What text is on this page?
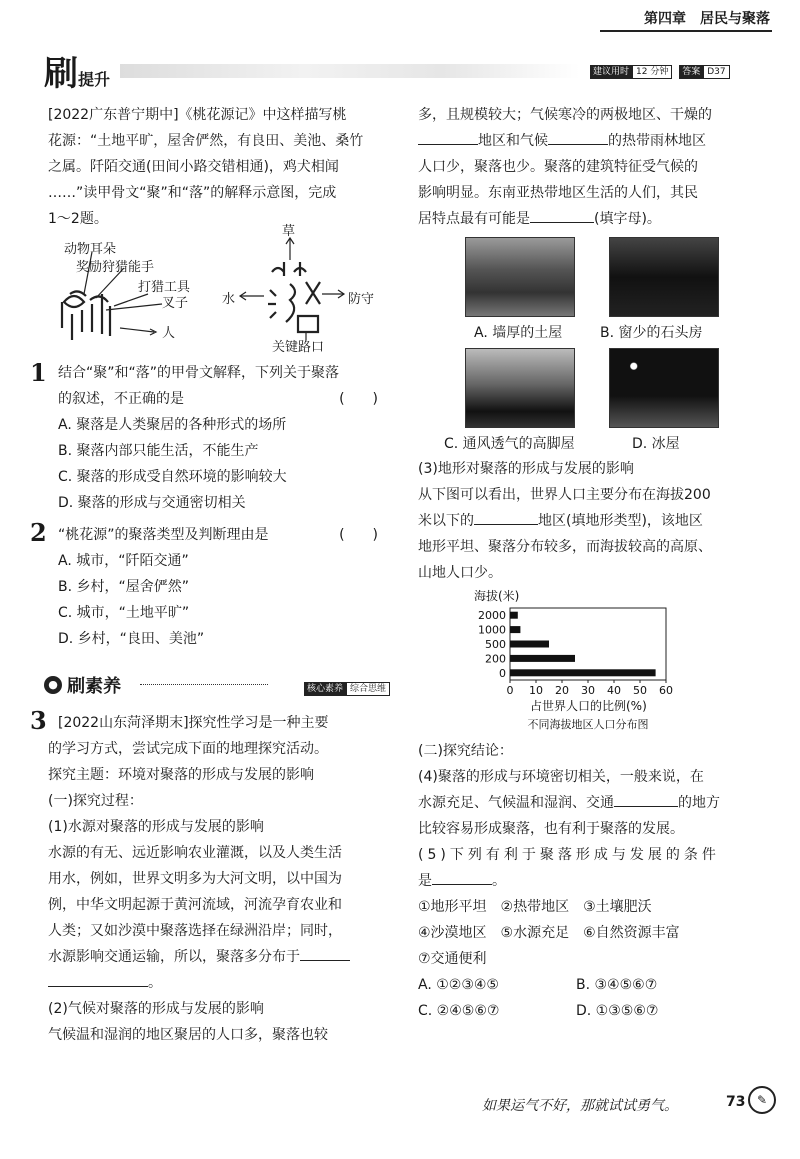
第四章　居民与聚落
刷提升	建议用时 12 分钟 答案 D37

[2022广东普宁期中]《桃花源记》中这样描写桃

花源：“土地平旷，屋舍俨然，有良田、美池、桑竹

之属。阡陌交通(田间小路交错相通)，鸡犬相闻

……”读甲骨文“聚”和“落”的解释示意图，完成

1～2题。

动物耳朵
奖励狩猎能手
打猎工具
叉子
人
草
水	防守
关键路口
1 结合“聚”和“落”的甲骨文解释，下列关于聚落

的叙述，不正确的是	(　　)

A. 聚落是人类聚居的各种形式的场所

B. 聚落内部只能生活，不能生产

C. 聚落的形成受自然环境的影响较大

D. 聚落的形成与交通密切相关

2 “桃花源”的聚落类型及判断理由是	(　　)

A. 城市，“阡陌交通”

B. 乡村，“屋舍俨然”

C. 城市，“土地平旷”

D. 乡村，“良田、美池”

● 刷素养	核心素养 综合思维
3 [2022山东菏泽期末]探究性学习是一种主要

的学习方式，尝试完成下面的地理探究活动。

探究主题：环境对聚落的形成与发展的影响

(一)探究过程：

(1)水源对聚落的形成与发展的影响

水源的有无、远近影响农业灌溉，以及人类生活

用水，例如，世界文明多为大河文明，以中国为

例，中华文明起源于黄河流域，河流孕育农业和

人类；又如沙漠中聚落选择在绿洲沿岸；同时，

水源影响交通运输，所以，聚落多分布于

。

(2)气候对聚落的形成与发展的影响

气候温和湿润的地区聚居的人口多，聚落也较

多，且规模较大；气候寒冷的两极地区、干燥的

地区和气候	的热带雨林地区

人口少，聚落也少。聚落的建筑特征受气候的

影响明显。东南亚热带地区生活的人们，其民

居特点最有可能是	(填字母)。

A. 墙厚的土屋	B. 窗少的石头房
C. 通风透气的高脚屋	D. 冰屋

(3)地形对聚落的形成与发展的影响

从下图可以看出，世界人口主要分布在海拔200

米以下的	地区(填地形类型)，该地区

地形平坦、聚落分布较多，而海拔较高的高原、

山地人口少。

海拔(米)
0
200
500
1000
2000
0 10 20 30 40 50 60
占世界人口的比例(%)
不同海拔地区人口分布图

(二)探究结论：

(4)聚落的形成与环境密切相关，一般来说，在

水源充足、气候温和湿润、交通	的地方

比较容易形成聚落，也有利于聚落的发展。

(5)下列有利于聚落形成与发展的条件

是	。

①地形平坦　②热带地区　③土壤肥沃

④沙漠地区　⑤水源充足　⑥自然资源丰富

⑦交通便利

A. ①②③④⑤	B. ③④⑤⑥⑦

C. ②④⑤⑥⑦	D. ①③⑤⑥⑦

如果运气不好，那就试试勇气。	73 ✎
